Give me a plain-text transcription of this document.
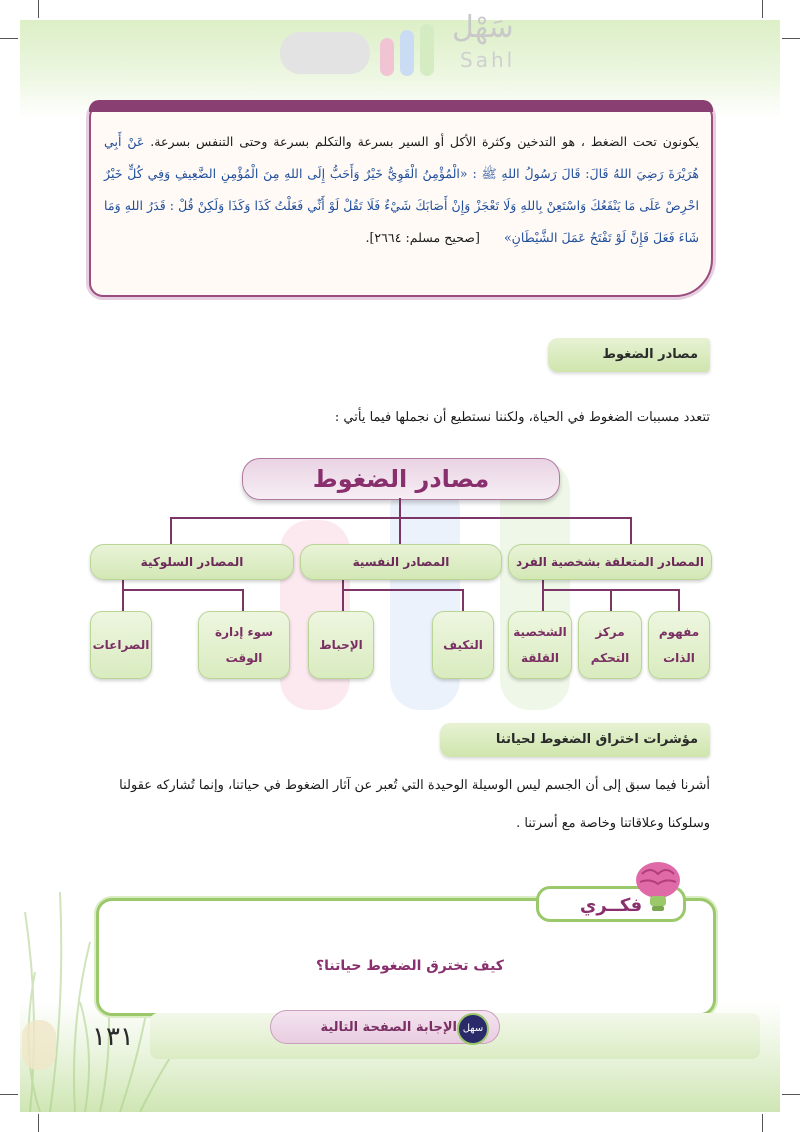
سَهْل
Sahl
يكونون تحت الضغط ، هو التدخين وكثرة الأكل أو السير بسرعة والتكلم بسرعة وحتى التنفس بسرعة. عَنْ أَبِي هُرَيْرَةَ رَضِيَ اللهُ قَالَ: قَالَ رَسُولُ اللهِ ﷺ : «الْمُؤْمِنُ الْقَوِيُّ خَيْرٌ وَأَحَبُّ إِلَى اللهِ مِنَ الْمُؤْمِنِ الضَّعِيفِ وَفِي كُلٍّ خَيْرٌ احْرِصْ عَلَى مَا يَنْفَعُكَ وَاسْتَعِنْ بِاللهِ وَلَا تَعْجَزْ وَإِنْ أَصَابَكَ شَيْءٌ فَلَا تَقُلْ لَوْ أَنِّي فَعَلْتُ كَذَا وَكَذَا وَلَكِنْ قُلْ : قَدَرُ اللهِ وَمَا شَاءَ فَعَلَ فَإِنَّ لَوْ تَفْتَحُ عَمَلَ الشَّيْطَانِ»      [صحيح مسلم: ٢٦٦٤].
مصادر الضغوط
تتعدد مسببات الضغوط في الحياة، ولكننا نستطيع أن نجملها فيما يأتي :
مصادر الضغوط
المصادر المتعلقة بشخصية الفرد
المصادر النفسية
المصادر السلوكية
مفهوم
الذات
مركز
التحكم
الشخصية
القلقة
التكيف
الإحباط
سوء إدارة
الوقت
الصراعات
مؤشرات اختراق الضغوط لحياتنا
أشرنا فيما سبق إلى أن الجسم ليس الوسيلة الوحيدة التي تُعبر عن آثار الضغوط في حياتنا، وإنما تُشاركه عقولنا
وسلوكنا وعلاقاتنا وخاصة مع أسرتنا .
فكــري
كيف تخترق الضغوط حياتنا؟
الإجابة الصفحة التالية سهل
١٣١
